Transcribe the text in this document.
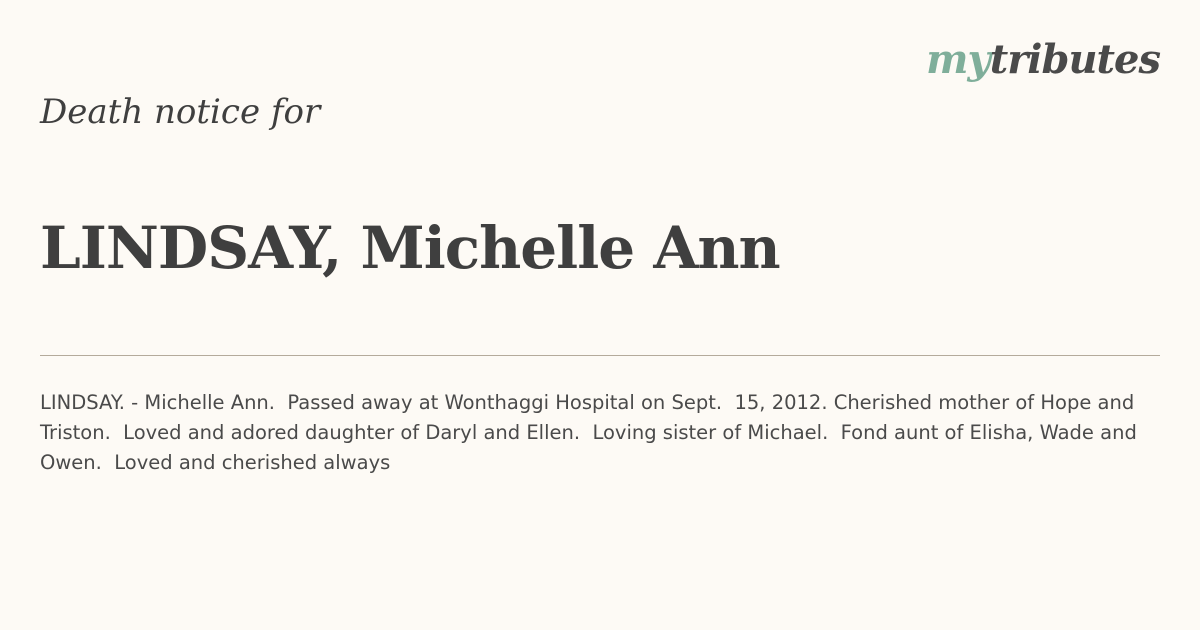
mytributes
Death notice for
LINDSAY, Michelle Ann

LINDSAY. - Michelle Ann.  Passed away at Wonthaggi Hospital on Sept.  15, 2012. Cherished mother of Hope and Triston.  Loved and adored daughter of Daryl and Ellen.  Loving sister of Michael.  Fond aunt of Elisha, Wade and Owen.  Loved and cherished always
